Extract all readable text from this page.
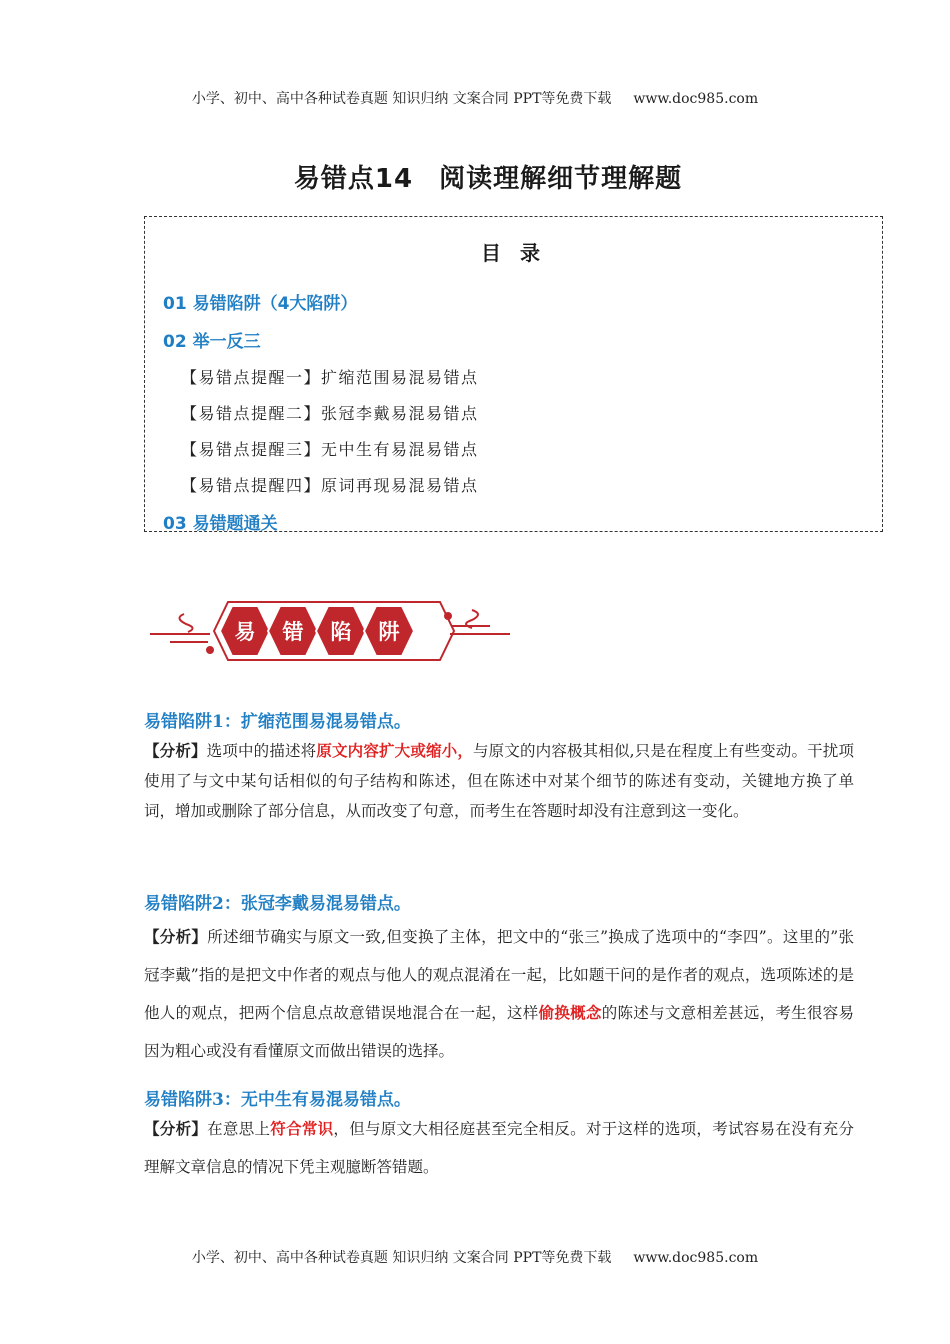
小学、初中、高中各种试卷真题 知识归纳 文案合同 PPT等免费下载 www.doc985.com
易错点14 阅读理解细节理解题
目 录
01 易错陷阱（4大陷阱）
02 举一反三
【易错点提醒一】扩缩范围易混易错点
【易错点提醒二】张冠李戴易混易错点
【易错点提醒三】无中生有易混易错点
【易错点提醒四】原词再现易混易错点
03 易错题通关
易 错 陷 阱
易错陷阱1：扩缩范围易混易错点。
【分析】选项中的描述将原文内容扩大或缩小，与原文的内容极其相似,只是在程度上有些变动。干扰项使用了与文中某句话相似的句子结构和陈述，但在陈述中对某个细节的陈述有变动，关键地方换了单词，增加或删除了部分信息，从而改变了句意，而考生在答题时却没有注意到这一变化。
易错陷阱2：张冠李戴易混易错点。
【分析】所述细节确实与原文一致,但变换了主体，把文中的“张三”换成了选项中的“李四”。这里的”张冠李戴”指的是把文中作者的观点与他人的观点混淆在一起，比如题干问的是作者的观点，选项陈述的是他人的观点，把两个信息点故意错误地混合在一起，这样偷换概念的陈述与文意相差甚远，考生很容易因为粗心或没有看懂原文而做出错误的选择。
易错陷阱3：无中生有易混易错点。
【分析】在意思上符合常识，但与原文大相径庭甚至完全相反。对于这样的选项，考试容易在没有充分理解文章信息的情况下凭主观臆断答错题。
小学、初中、高中各种试卷真题 知识归纳 文案合同 PPT等免费下载 www.doc985.com
